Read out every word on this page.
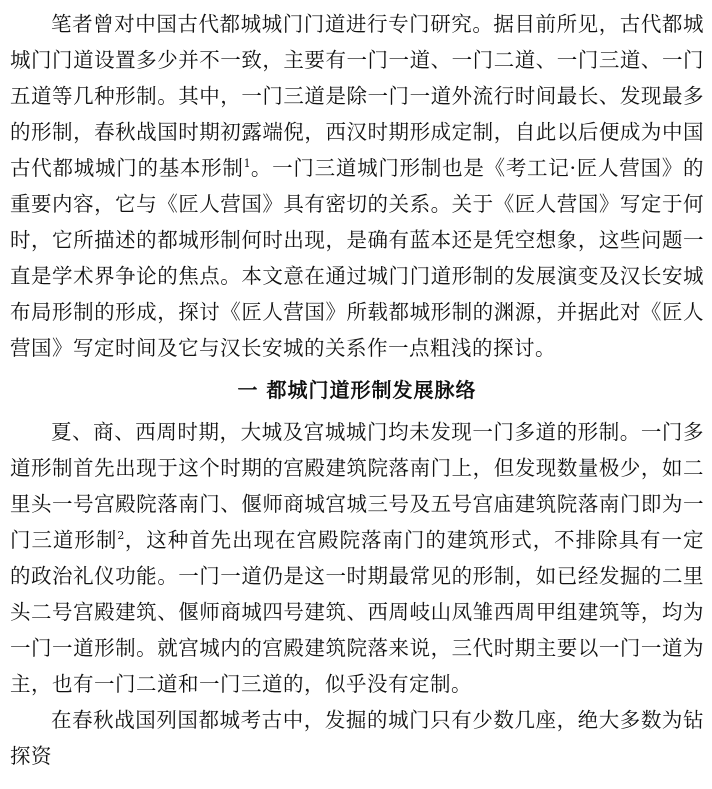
笔者曾对中国古代都城城门门道进行专门研究。据目前所见，古代都城城门门道设置多少并不一致，主要有一门一道、一门二道、一门三道、一门五道等几种形制。其中，一门三道是除一门一道外流行时间最长、发现最多的形制，春秋战国时期初露端倪，西汉时期形成定制，自此以后便成为中国古代都城城门的基本形制$^1$。一门三道城门形制也是《考工记·匠人营国》的重要内容，它与《匠人营国》具有密切的关系。关于《匠人营国》写定于何时，它所描述的都城形制何时出现，是确有蓝本还是凭空想象，这些问题一直是学术界争论的焦点。本文意在通过城门门道形制的发展演变及汉长安城布局形制的形成，探讨《匠人营国》所载都城形制的渊源，并据此对《匠人营国》写定时间及它与汉长安城的关系作一点粗浅的探讨。

一 都城门道形制发展脉络

夏、商、西周时期，大城及宫城城门均未发现一门多道的形制。一门多道形制首先出现于这个时期的宫殿建筑院落南门上，但发现数量极少，如二里头一号宫殿院落南门、偃师商城宫城三号及五号宫庙建筑院落南门即为一门三道形制$^2$，这种首先出现在宫殿院落南门的建筑形式，不排除具有一定的政治礼仪功能。一门一道仍是这一时期最常见的形制，如已经发掘的二里头二号宫殿建筑、偃师商城四号建筑、西周岐山凤雏西周甲组建筑等，均为一门一道形制。就宫城内的宫殿建筑院落来说，三代时期主要以一门一道为主，也有一门二道和一门三道的，似乎没有定制。

在春秋战国列国都城考古中，发掘的城门只有少数几座，绝大多数为钻探资
